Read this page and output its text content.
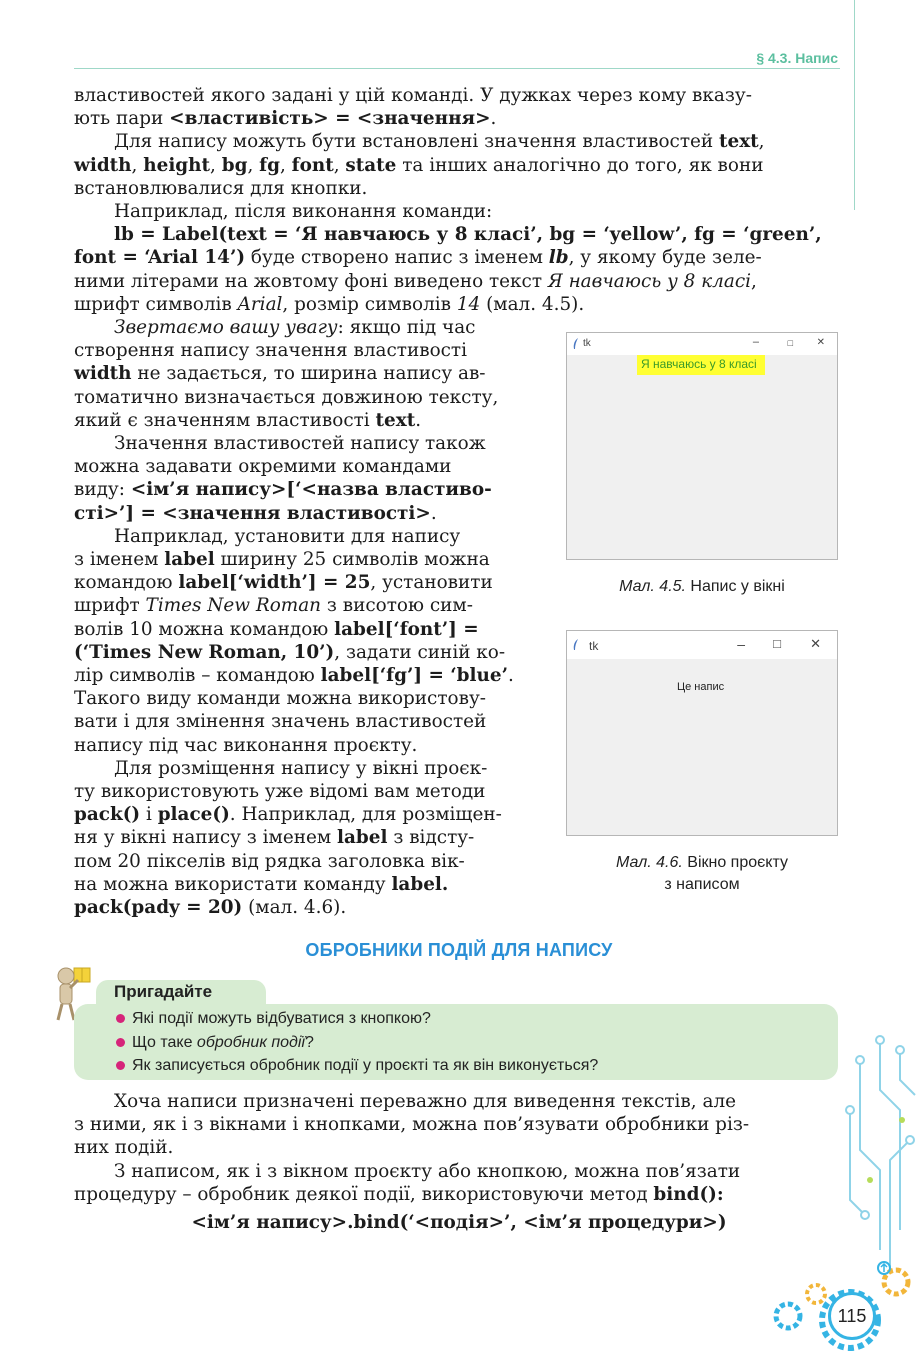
§ 4.3. Напис
властивостей якого задані у цій команді. У дужках через кому вказу-
ють пари <властивість> = <значення>.
Для напису можуть бути встановлені значення властивостей text,
width, height, bg, fg, font, state та інших аналогічно до того, як вони
встановлювалися для кнопки.
Наприклад, після виконання команди:
lb = Label(text = ‘Я навчаюсь у 8 класі’, bg = ‘yellow’, fg = ‘green’,
font = ‘Arial 14’) буде створено напис з іменем lb, у якому буде зеле-
ними літерами на жовтому фоні виведено текст Я навчаюсь у 8 класі,
шрифт символів Arial, розмір символів 14 (мал. 4.5).
Звертаємо вашу увагу: якщо під час
створення напису значення властивості
width не задається, то ширина напису ав-
томатично визначається довжиною тексту,
який є значенням властивості text.
Значення властивостей напису також
можна задавати окремими командами
виду: <ім’я напису>[‘<назва властиво-
сті>’] = <значення властивості>.
Наприклад, установити для напису
з іменем label ширину 25 символів можна
командою label[‘width’] = 25, установити
шрифт Times New Roman з висотою сим-
волів 10 можна командою label[‘font’] =
(‘Times New Roman, 10’), задати синій ко-
лір символів – командою label[‘fg’] = ‘blue’.
Такого виду команди можна використову-
вати і для змінення значень властивостей
напису під час виконання проєкту.
Для розміщення напису у вікні проєк-
ту використовують уже відомі вам методи
pack() і place(). Наприклад, для розміщен-
ня у вікні напису з іменем label з відсту-
пом 20 пікселів від рядка заголовка вік-
на можна використати команду label.
pack(pady = 20) (мал. 4.6).
tk	–	□ ✕
Я навчаюсь у 8 класі
Мал. 4.5. Напис у вікні
tk	– □ ✕
Це напис
Мал. 4.6. Вікно проєкту
з написом
ОБРОБНИКИ ПОДІЙ ДЛЯ НАПИСУ
Пригадайте
Які події можуть відбуватися з кнопкою?
Що таке обробник події?
Як записується обробник події у проєкті та як він виконується?
Хоча написи призначені переважно для виведення текстів, але
з ними, як і з вікнами і кнопками, можна пов’язувати обробники різ-
них подій.
З написом, як і з вікном проєкту або кнопкою, можна пов’язати
процедуру – обробник деякої події, використовуючи метод bind():
<ім’я напису>.bind(‘<подія>’, <ім’я процедури>)
115
